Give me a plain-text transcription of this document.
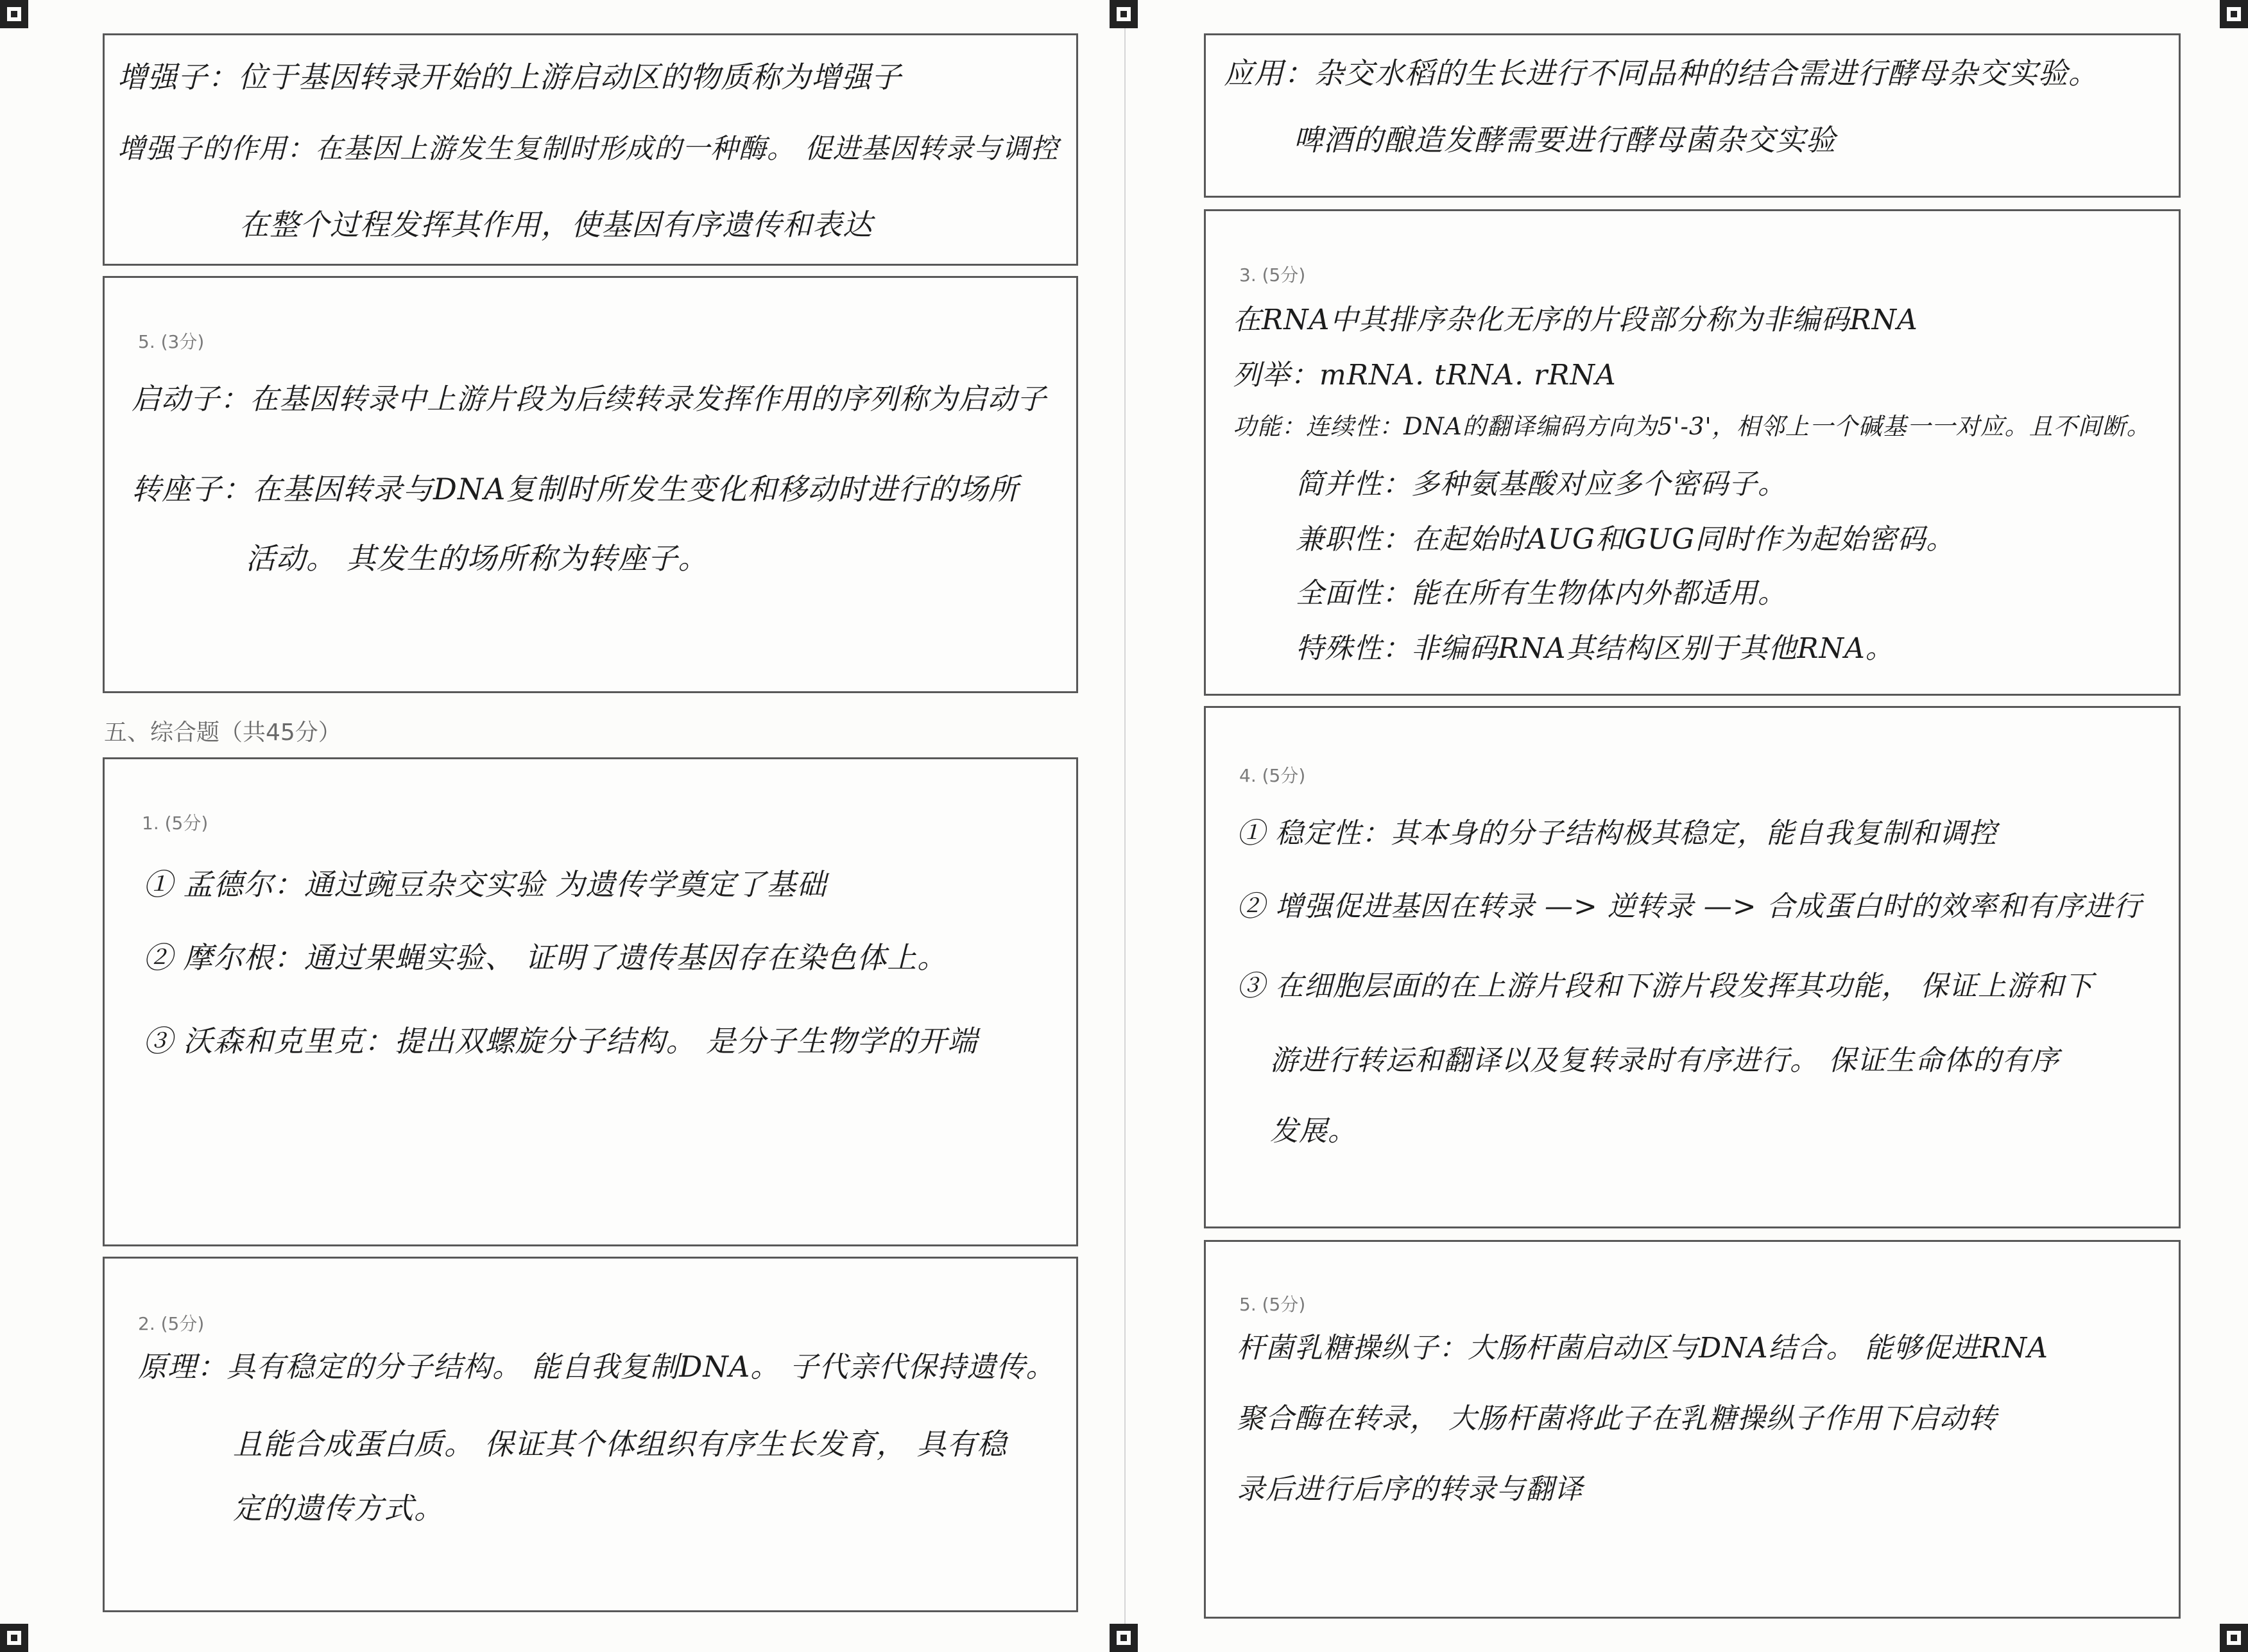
增强子：位于基因转录开始的上游启动区的物质称为增强子
增强子的作用：在基因上游发生复制时形成的一种酶。 促进基因转录与调控
在整个过程发挥其作用，使基因有序遗传和表达
5. (3分)
启动子：在基因转录中上游片段为后续转录发挥作用的序列称为启动子
转座子：在基因转录与DNA复制时所发生变化和移动时进行的场所
活动。 其发生的场所称为转座子。
五、综合题（共45分）
1. (5分)
① 孟德尔：通过豌豆杂交实验 为遗传学奠定了基础
② 摩尔根：通过果蝇实验、 证明了遗传基因存在染色体上。
③ 沃森和克里克：提出双螺旋分子结构。 是分子生物学的开端
2. (5分)
原理：具有稳定的分子结构。 能自我复制DNA。 子代亲代保持遗传。
且能合成蛋白质。 保证其个体组织有序生长发育， 具有稳
定的遗传方式。
应用：杂交水稻的生长进行不同品种的结合需进行酵母杂交实验。
啤酒的酿造发酵需要进行酵母菌杂交实验
3. (5分)
在RNA中其排序杂化无序的片段部分称为非编码RNA
列举：mRNA. tRNA. rRNA
功能：连续性：DNA的翻译编码方向为5'-3'，相邻上一个碱基一一对应。且不间断。
简并性：多种氨基酸对应多个密码子。
兼职性：在起始时AUG和GUG同时作为起始密码。
全面性：能在所有生物体内外都适用。
特殊性：非编码RNA其结构区别于其他RNA。
4. (5分)
① 稳定性：其本身的分子结构极其稳定，能自我复制和调控
② 增强促进基因在转录 —> 逆转录 —> 合成蛋白时的效率和有序进行
③ 在细胞层面的在上游片段和下游片段发挥其功能， 保证上游和下
游进行转运和翻译以及复转录时有序进行。 保证生命体的有序
发展。
5. (5分)
杆菌乳糖操纵子：大肠杆菌启动区与DNA结合。 能够促进RNA
聚合酶在转录， 大肠杆菌将此子在乳糖操纵子作用下启动转
录后进行后序的转录与翻译
